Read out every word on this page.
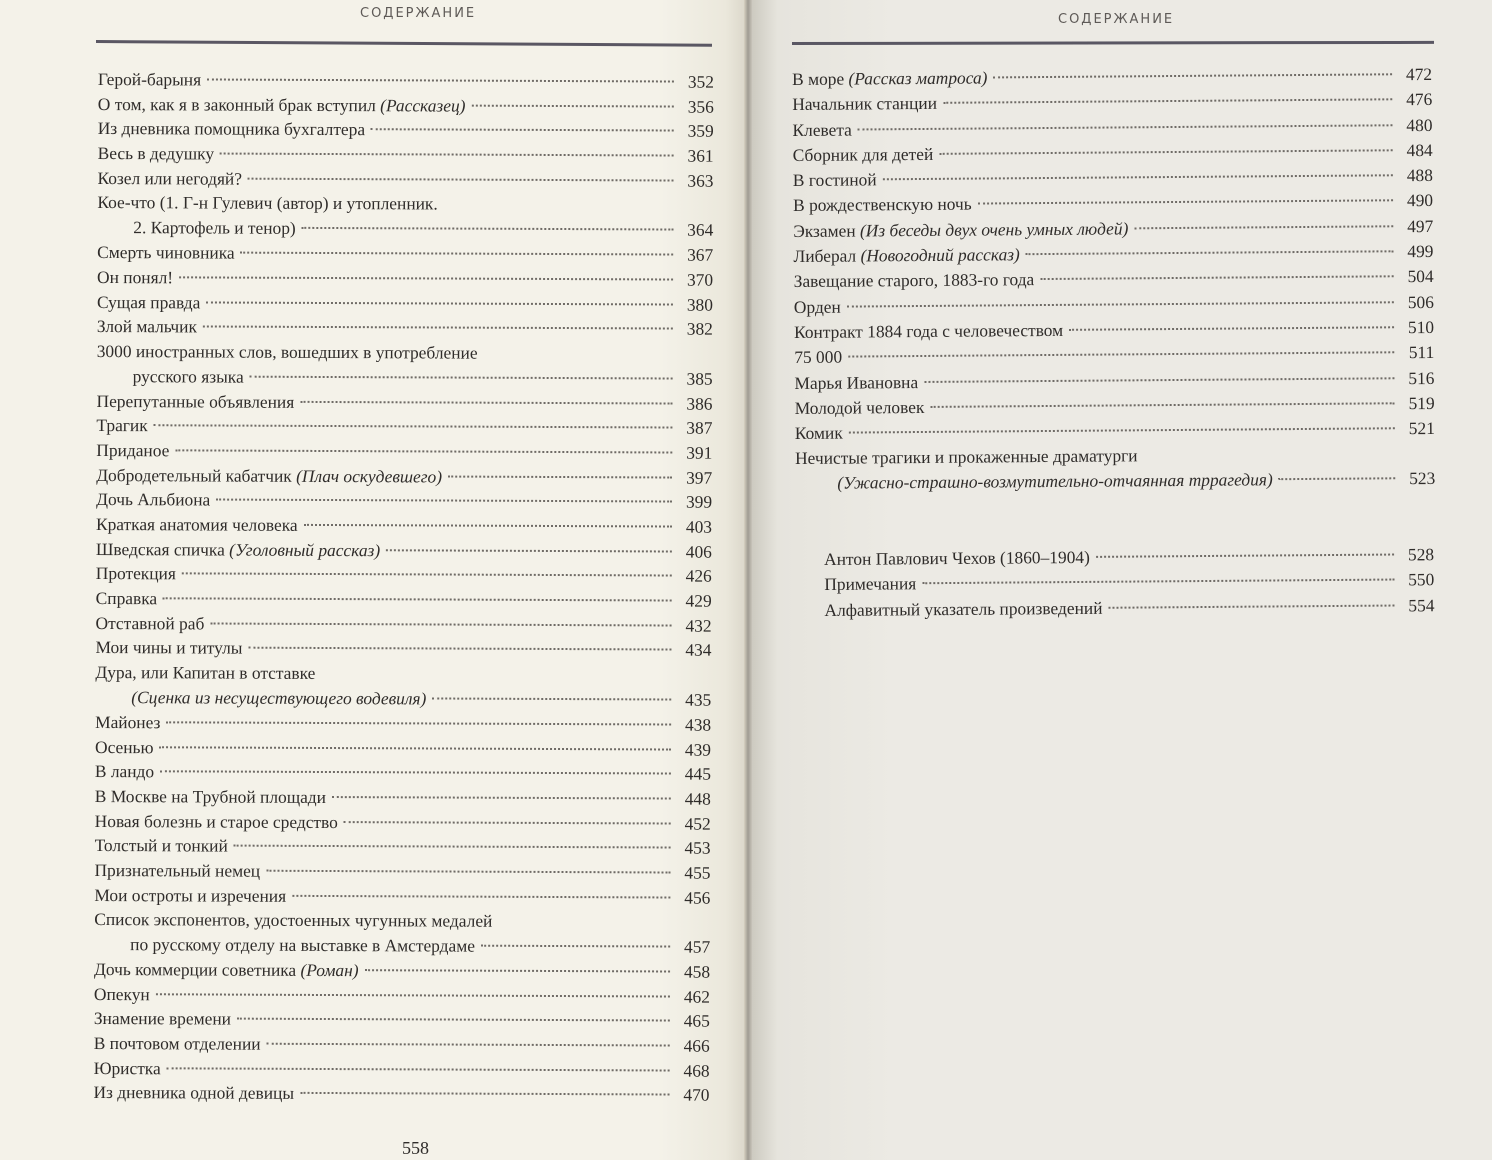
СОДЕРЖАНИЕ
Герой-барыня	352
О том, как я в законный брак вступил (Рассказец)	356
Из дневника помощника бухгалтера	359
Весь в дедушку	361
Козел или негодяй?	363
Кое-что (1. Г-н Гулевич (автор) и утопленник.
2. Картофель и тенор)	364
Смерть чиновника	367
Он понял!	370
Сущая правда	380
Злой мальчик	382
3000 иностранных слов, вошедших в употребление
русского языка	385
Перепутанные объявления	386
Трагик	387
Приданое	391
Добродетельный кабатчик (Плач оскудевшего)	397
Дочь Альбиона	399
Краткая анатомия человека	403
Шведская спичка (Уголовный рассказ)	406
Протекция	426
Справка	429
Отставной раб	432
Мои чины и титулы	434
Дура, или Капитан в отставке
(Сценка из несуществующего водевиля)	435
Майонез	438
Осенью	439
В ландо	445
В Москве на Трубной площади	448
Новая болезнь и старое средство	452
Толстый и тонкий	453
Признательный немец	455
Мои остроты и изречения	456
Список экспонентов, удостоенных чугунных медалей
по русскому отделу на выставке в Амстердаме	457
Дочь коммерции советника (Роман)	458
Опекун	462
Знамение времени	465
В почтовом отделении	466
Юристка	468
Из дневника одной девицы	470
558
СОДЕРЖАНИЕ
В море (Рассказ матроса)	472
Начальник станции	476
Клевета	480
Сборник для детей	484
В гостиной	488
В рождественскую ночь	490
Экзамен (Из беседы двух очень умных людей)	497
Либерал (Новогодний рассказ)	499
Завещание старого, 1883-го года	504
Орден	506
Контракт 1884 года с человечеством	510
75 000	511
Марья Ивановна	516
Молодой человек	519
Комик	521
Нечистые трагики и прокаженные драматурги
(Ужасно-страшно-возмутительно-отчаянная тррагедия)	523
Антон Павлович Чехов (1860–1904)	528
Примечания	550
Алфавитный указатель произведений	554
